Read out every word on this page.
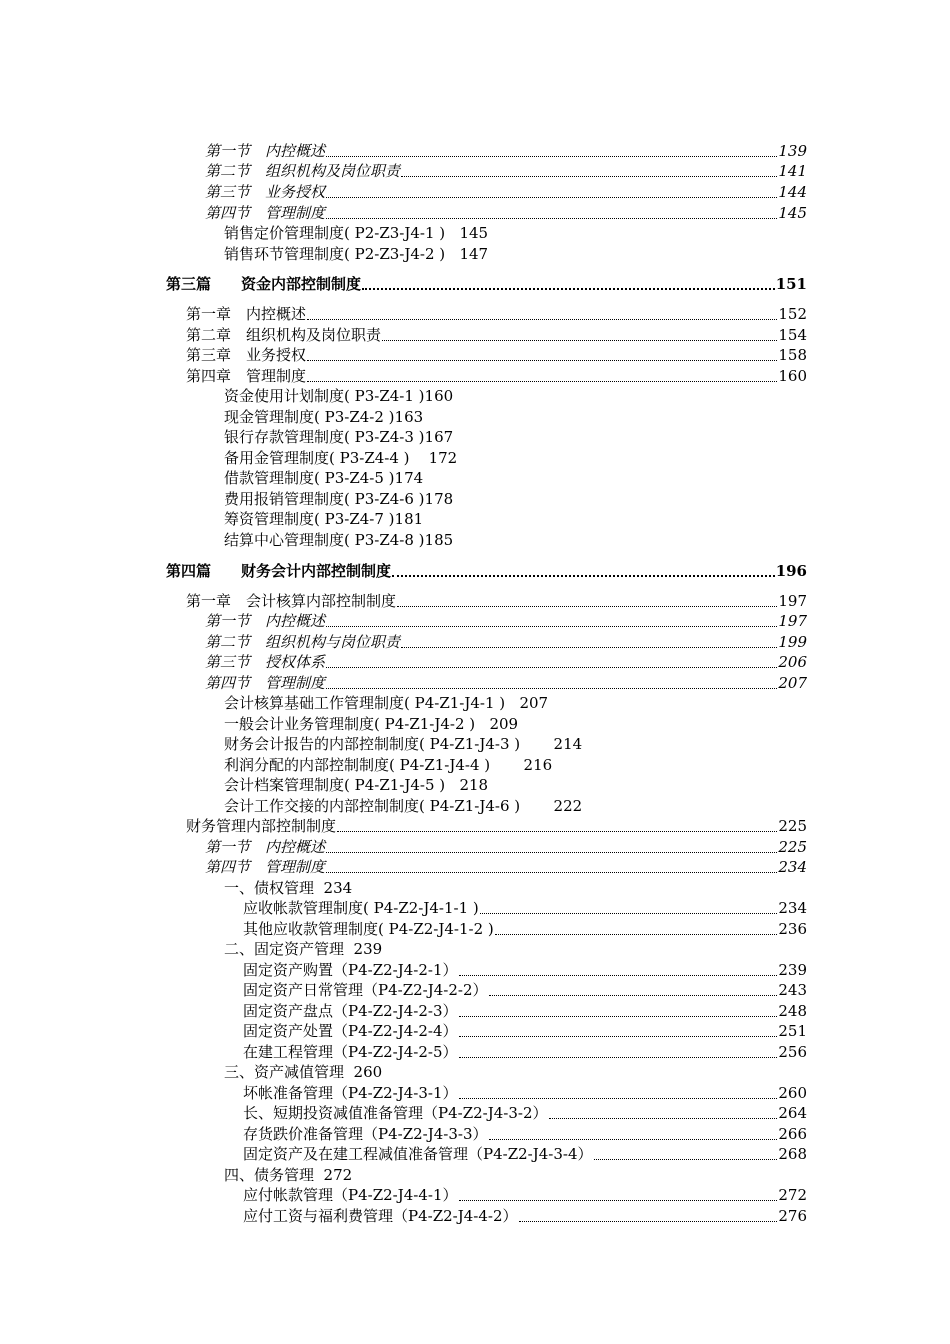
第一节　内控概述	139
第二节　组织机构及岗位职责	141
第三节　业务授权	144
第四节　管理制度	145
销售定价管理制度( P2-Z3-J4-1 )   145
销售环节管理制度( P2-Z3-J4-2 )   147
第三篇　　资金内部控制制度	151
第一章　内控概述	152
第二章　组织机构及岗位职责	154
第三章　业务授权	158
第四章　管理制度	160
资金使用计划制度( P3-Z4-1 )160
现金管理制度( P3-Z4-2 )163
银行存款管理制度( P3-Z4-3 )167
备用金管理制度( P3-Z4-4 )    172
借款管理制度( P3-Z4-5 )174
费用报销管理制度( P3-Z4-6 )178
筹资管理制度( P3-Z4-7 )181
结算中心管理制度( P3-Z4-8 )185
第四篇　　财务会计内部控制制度	196
第一章　会计核算内部控制制度	197
第一节　内控概述	197
第二节　组织机构与岗位职责	199
第三节　授权体系	206
第四节　管理制度	207
会计核算基础工作管理制度( P4-Z1-J4-1 )   207
一般会计业务管理制度( P4-Z1-J4-2 )   209
财务会计报告的内部控制制度( P4-Z1-J4-3 )       214
利润分配的内部控制制度( P4-Z1-J4-4 )       216
会计档案管理制度( P4-Z1-J4-5 )   218
会计工作交接的内部控制制度( P4-Z1-J4-6 )       222
财务管理内部控制制度	225
第一节　内控概述	225
第四节　管理制度	234
一、债权管理  234
应收帐款管理制度( P4-Z2-J4-1-1 )	234
其他应收款管理制度( P4-Z2-J4-1-2 )	236
二、固定资产管理  239
固定资产购置（P4-Z2-J4-2-1）	239
固定资产日常管理（P4-Z2-J4-2-2）	243
固定资产盘点（P4-Z2-J4-2-3）	248
固定资产处置（P4-Z2-J4-2-4）	251
在建工程管理（P4-Z2-J4-2-5）	256
三、资产减值管理  260
坏帐准备管理（P4-Z2-J4-3-1）	260
长、短期投资减值准备管理（P4-Z2-J4-3-2）	264
存货跌价准备管理（P4-Z2-J4-3-3）	266
固定资产及在建工程减值准备管理（P4-Z2-J4-3-4）	268
四、债务管理  272
应付帐款管理（P4-Z2-J4-4-1）	272
应付工资与福利费管理（P4-Z2-J4-4-2）	276
